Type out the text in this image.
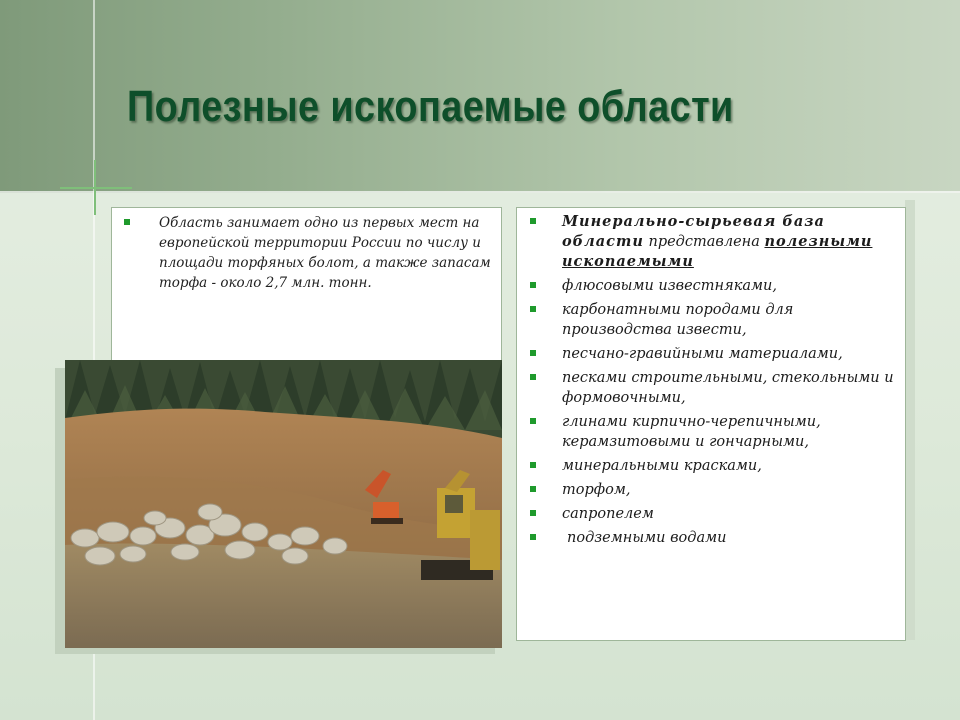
Полезные ископаемые области
Область занимает одно из первых мест на европейской территории России по числу и площади торфяных болот, а также запасам торфа - около 2,7 млн. тонн.
Минерально-сырьевая база области представлена полезными ископаемыми
флюсовыми известняками,
карбонатными породами для производства извести,
песчано-гравийными материалами,
песками строительными, стекольными и формовочными,
глинами кирпично-черепичными, керамзитовыми и гончарными,
минеральными красками,
торфом,
сапропелем
подземными водами
